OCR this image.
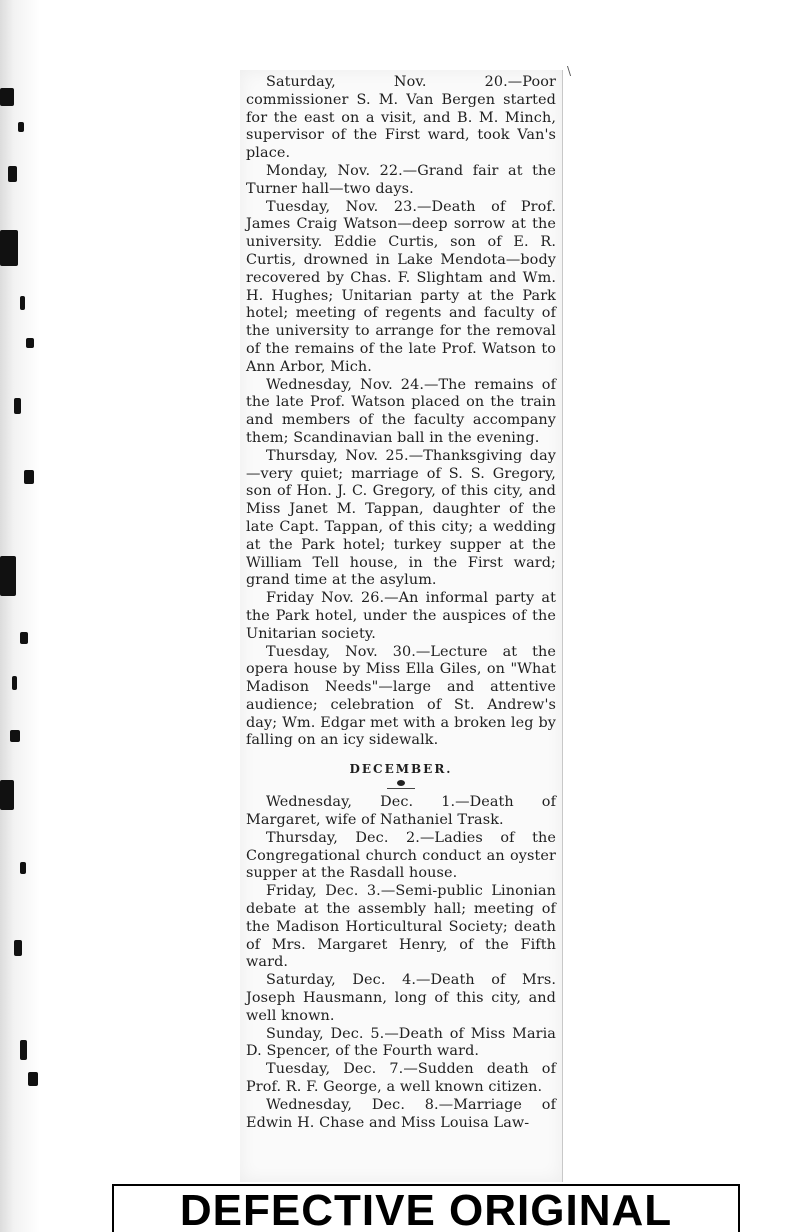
\

Saturday, Nov. 20.—Poor commissioner S. M. Van Bergen started for the east on a visit, and B. M. Minch, supervisor of the First ward, took Van's place.

Monday, Nov. 22.—Grand fair at the Turner hall—two days.

Tuesday, Nov. 23.—Death of Prof. James Craig Watson—deep sorrow at the university. Eddie Curtis, son of E. R. Curtis, drowned in Lake Mendota—body recovered by Chas. F. Slightam and Wm. H. Hughes; Unitarian party at the Park hotel; meeting of regents and faculty of the university to arrange for the removal of the remains of the late Prof. Watson to Ann Arbor, Mich.

Wednesday, Nov. 24.—The remains of the late Prof. Watson placed on the train and members of the faculty accompany them; Scandinavian ball in the evening.

Thursday, Nov. 25.—Thanksgiving day—very quiet; marriage of S. S. Gregory, son of Hon. J. C. Gregory, of this city, and Miss Janet M. Tappan, daughter of the late Capt. Tappan, of this city; a wedding at the Park hotel; turkey supper at the William Tell house, in the First ward; grand time at the asylum.

Friday Nov. 26.—An informal party at the Park hotel, under the auspices of the Unitarian society.

Tuesday, Nov. 30.—Lecture at the opera house by Miss Ella Giles, on "What Madison Needs"—large and attentive audience; celebration of St. Andrew's day; Wm. Edgar met with a broken leg by falling on an icy sidewalk.

DECEMBER.

Wednesday, Dec. 1.—Death of Margaret, wife of Nathaniel Trask.

Thursday, Dec. 2.—Ladies of the Congregational church conduct an oyster supper at the Rasdall house.

Friday, Dec. 3.—Semi-public Linonian debate at the assembly hall; meeting of the Madison Horticultural Society; death of Mrs. Margaret Henry, of the Fifth ward.

Saturday, Dec. 4.—Death of Mrs. Joseph Hausmann, long of this city, and well known.

Sunday, Dec. 5.—Death of Miss Maria D. Spencer, of the Fourth ward.

Tuesday, Dec. 7.—Sudden death of Prof. R. F. George, a well known citizen.

Wednesday, Dec. 8.—Marriage of Edwin H. Chase and Miss Louisa Law-

DEFECTIVE ORIGINAL
